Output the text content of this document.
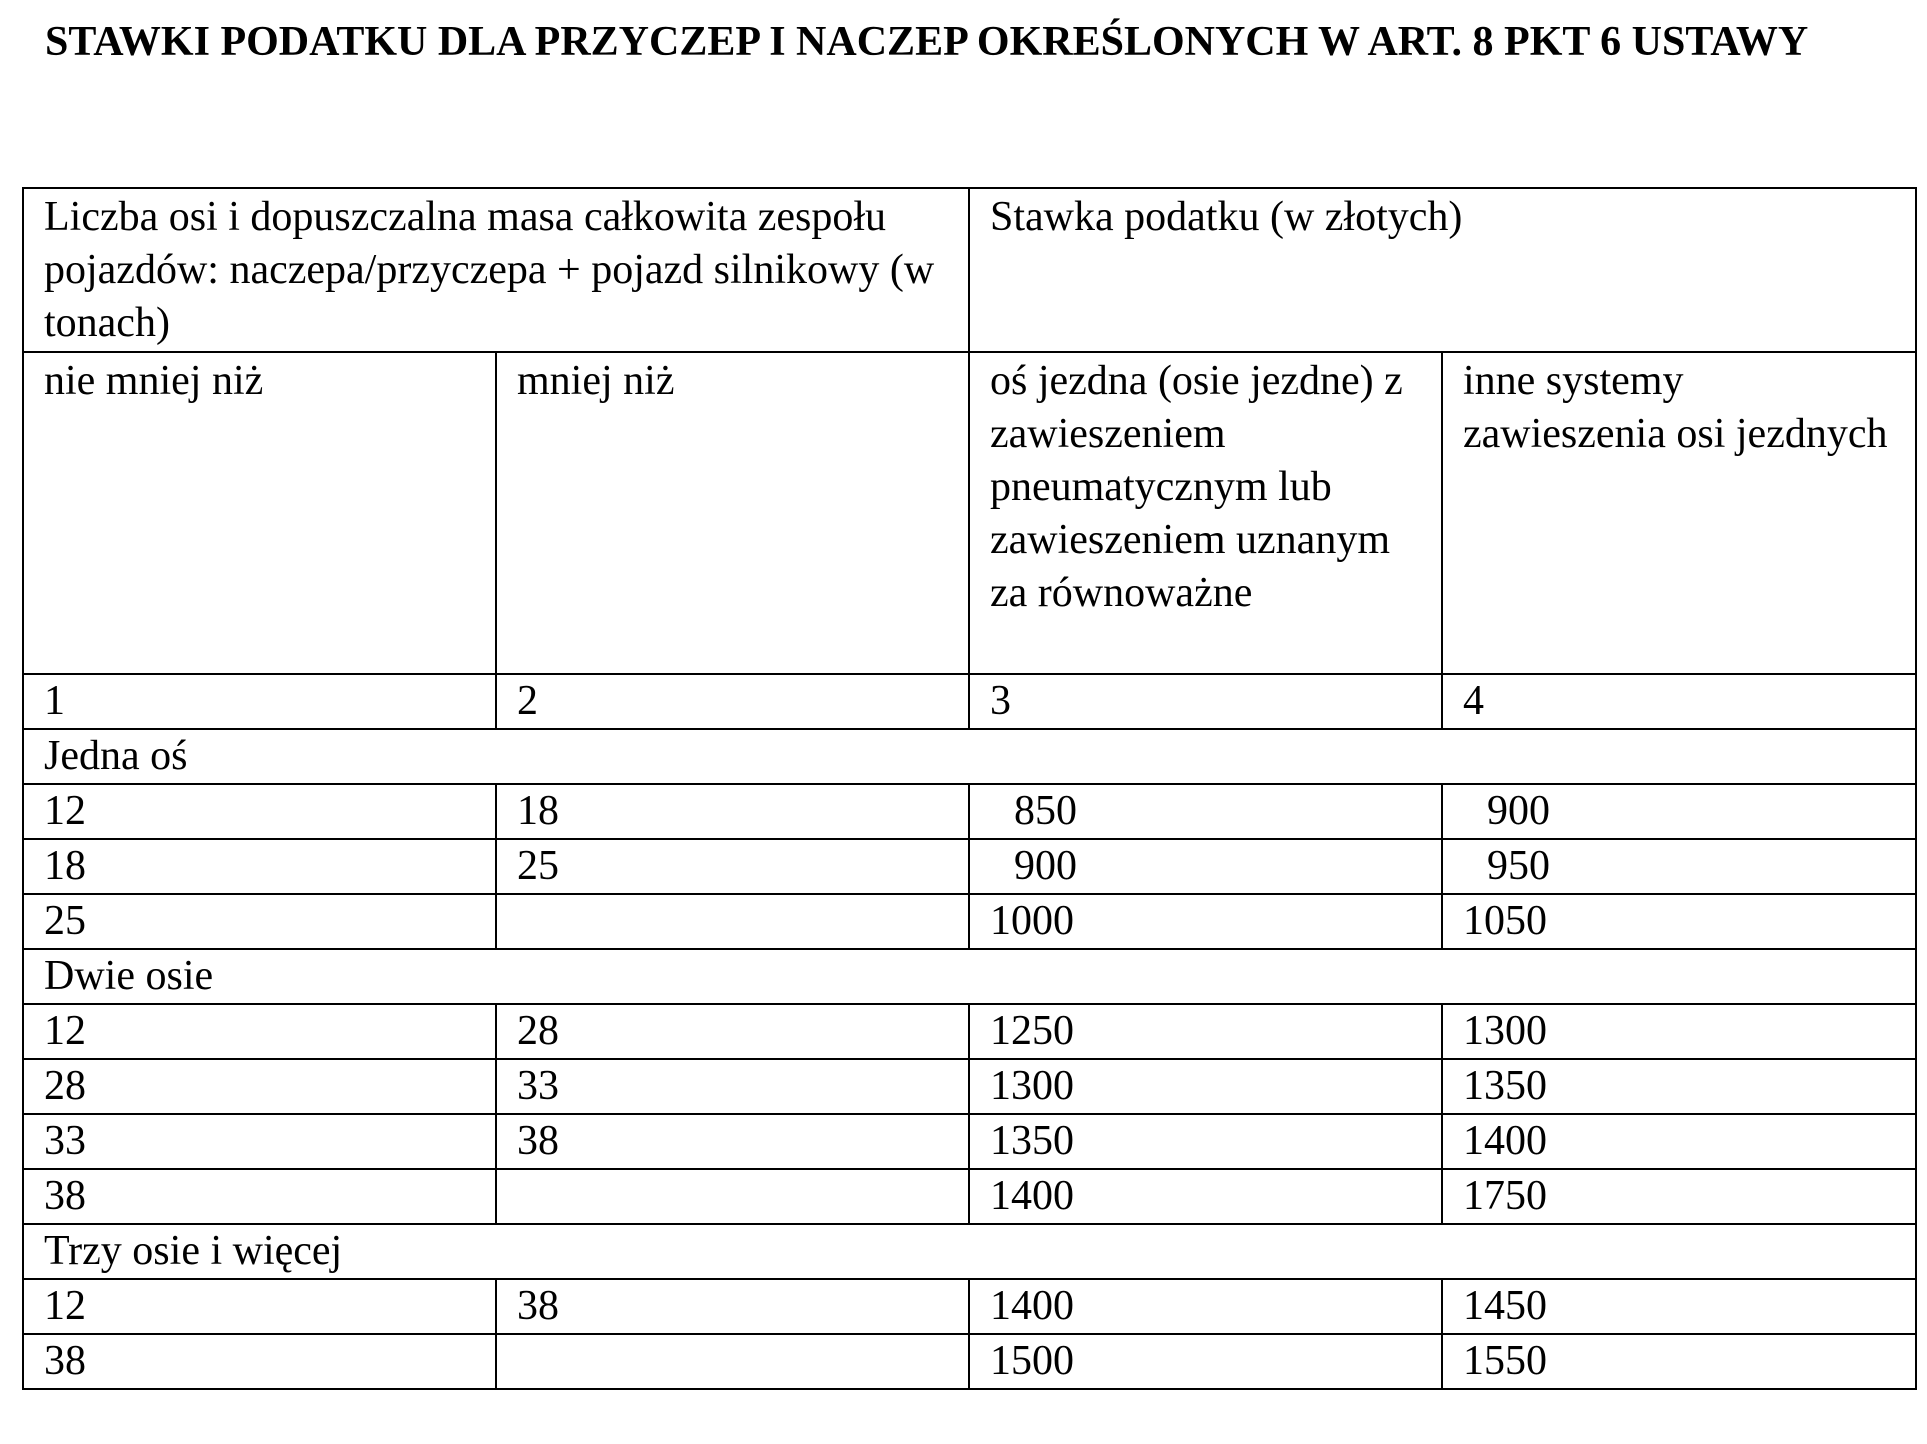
STAWKI PODATKU DLA PRZYCZEP I NACZEP OKREŚLONYCH W ART. 8 PKT 6 USTAWY
Liczba osi i dopuszczalna masa całkowita zespołu pojazdów: naczepa/przyczepa + pojazd silnikowy (w tonach)		Stawka podatku (w złotych)	
nie mniej niż	mniej niż	oś jezdna (osie jezdne) z zawieszeniem pneumatycznym lub zawieszeniem uznanym za równoważne	inne systemy zawieszenia osi jezdnych
1	2	3	4
Jedna oś			
12	18	850	900
18	25	900	950
25		1000	1050
Dwie osie			
12	28	1250	1300
28	33	1300	1350
33	38	1350	1400
38		1400	1750
Trzy osie i więcej			
12	38	1400	1450
38		1500	1550
